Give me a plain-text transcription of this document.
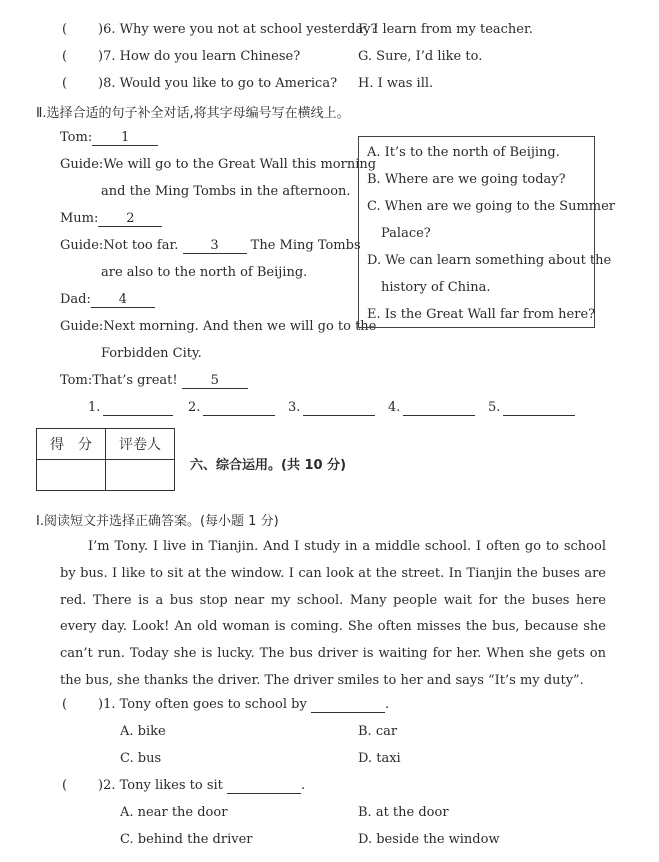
( )6. Why were you not at school yesterday?
F. I learn from my teacher.
( )7. How do you learn Chinese?	G. Sure, I’d like to.
( )8. Would you like to go to America? H. I was ill.
Ⅱ.选择合适的句子补全对话,将其字母编号写在横线上。
Tom: 1
Guide:We will go to the Great Wall this morning
and the Ming Tombs in the afternoon.
Mum: 2
Guide:Not too far. 3 The Ming Tombs
are also to the north of Beijing.
Dad: 4
Guide:Next morning. And then we will go to the
Forbidden City.
Tom:That’s great!	5
A. It’s to the north of Beijing.
B. Where are we going today?
C. When are we going to the Summer
Palace?
D. We can learn something about the
history of China.
E. Is the Great Wall far from here?
1.	2.	3.	4.	5.
得　分	评卷人

六、综合运用。(共 10 分)
Ⅰ.阅读短文并选择正确答案。(每小题 1 分)
I’m Tony. I live in Tianjin. And I study in a middle school. I often go to school by bus. I like to sit at the window. I can look at the street. In Tianjin the buses are red. There is a bus stop near my school. Many people wait for the buses here every day. Look! An old woman is coming. She often misses the bus, because she can’t run. Today she is lucky. The bus driver is waiting for her. When she gets on the bus, she thanks the driver. The driver smiles to her and says “It’s my duty”.
( )1. Tony often goes to school by	.
A. bike	B. car
C. bus	D. taxi
( )2. Tony likes to sit	.
A. near the door	B. at the door
C. behind the driver	D. beside the window
